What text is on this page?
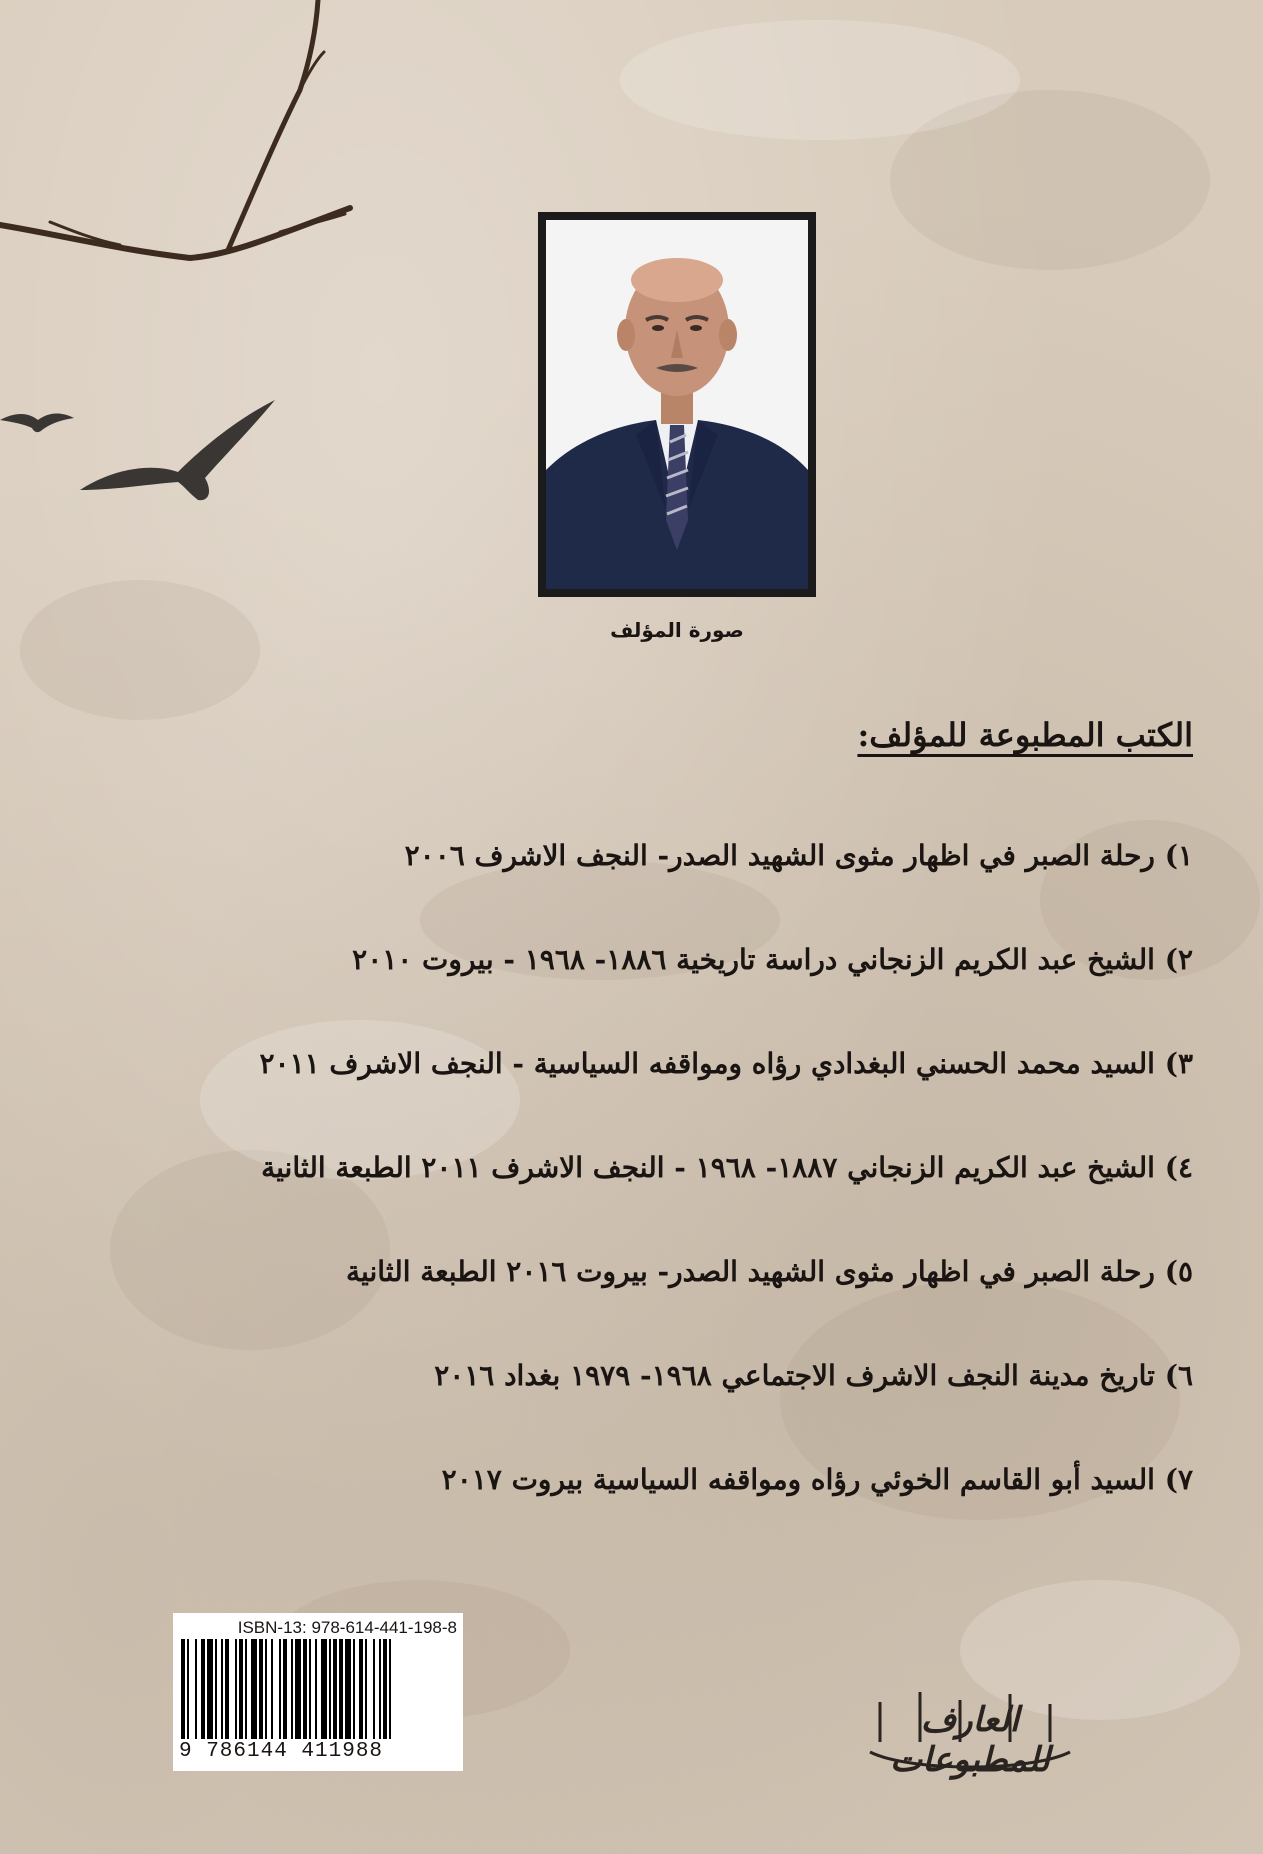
صورة المؤلف
الكتب المطبوعة للمؤلف:
١) رحلة الصبر في اظهار مثوى الشهيد الصدر- النجف الاشرف ٢٠٠٦
٢) الشيخ عبد الكريم الزنجاني دراسة تاريخية ١٨٨٦- ١٩٦٨ - بيروت ٢٠١٠
٣) السيد محمد الحسني البغدادي رؤاه ومواقفه السياسية - النجف الاشرف ٢٠١١
٤) الشيخ عبد الكريم الزنجاني ١٨٨٧- ١٩٦٨ - النجف الاشرف ٢٠١١ الطبعة الثانية
٥) رحلة الصبر في اظهار مثوى الشهيد الصدر- بيروت ٢٠١٦ الطبعة الثانية
٦) تاريخ مدينة النجف الاشرف الاجتماعي ١٩٦٨- ١٩٧٩ بغداد ٢٠١٦
٧) السيد أبو القاسم الخوئي رؤاه ومواقفه السياسية بيروت ٢٠١٧
ISBN-13: 978-614-441-198-8
9 786144 411988
العارف للمطبوعات
